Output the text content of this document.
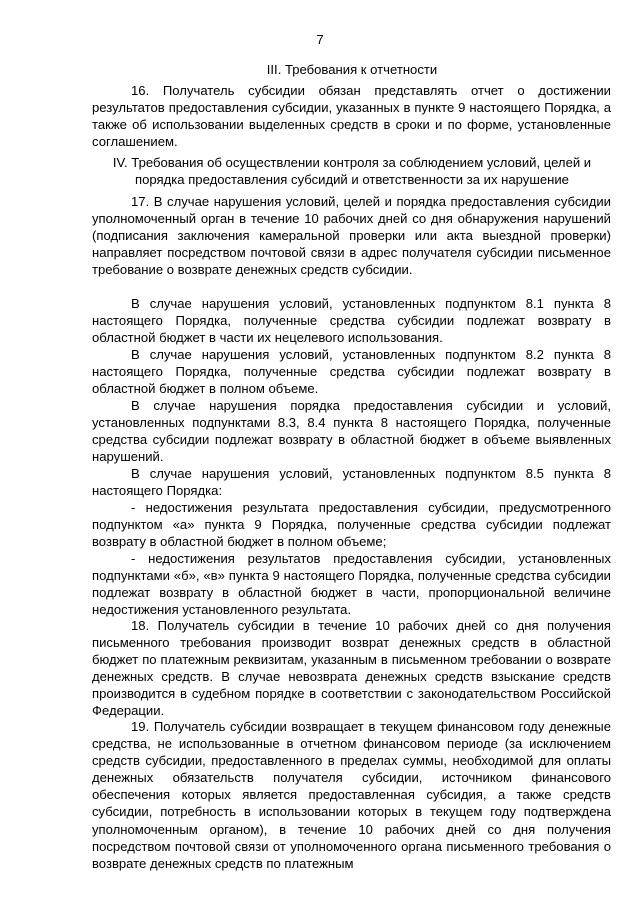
7
III. Требования к отчетности

16. Получатель субсидии обязан представлять отчет о достижении результатов предоставления субсидии, указанных в пункте 9 настоящего Порядка, а также об использовании выделенных средств в сроки и по форме, установленные соглашением.

IV. Требования об осуществлении контроля за соблюдением условий, целей и
порядка предоставления субсидий и ответственности за их нарушение

17. В случае нарушения условий, целей и порядка предоставления субсидии уполномоченный орган в течение 10 рабочих дней со дня обнаружения нарушений (подписания заключения камеральной проверки или акта выездной проверки) направляет посредством почтовой связи в адрес получателя субсидии письменное требование о возврате денежных средств субсидии.

В случае нарушения условий, установленных подпунктом 8.1 пункта 8 настоящего Порядка, полученные средства субсидии подлежат возврату в областной бюджет в части их нецелевого использования.

В случае нарушения условий, установленных подпунктом 8.2 пункта 8 настоящего Порядка, полученные средства субсидии подлежат возврату в областной бюджет в полном объеме.

В случае нарушения порядка предоставления субсидии и условий, установленных подпунктами 8.3, 8.4 пункта 8 настоящего Порядка, полученные средства субсидии подлежат возврату в областной бюджет в объеме выявленных нарушений.

В случае нарушения условий, установленных подпунктом 8.5 пункта 8 настоящего Порядка:

- недостижения результата предоставления субсидии, предусмотренного подпунктом «а» пункта 9 Порядка, полученные средства субсидии подлежат возврату в областной бюджет в полном объеме;

- недостижения результатов предоставления субсидии, установленных подпунктами «б», «в» пункта 9 настоящего Порядка, полученные средства субсидии подлежат возврату в областной бюджет в части, пропорциональной величине недостижения установленного результата.

18. Получатель субсидии в течение 10 рабочих дней со дня получения письменного требования производит возврат денежных средств в областной бюджет по платежным реквизитам, указанным в письменном требовании о возврате денежных средств. В случае невозврата денежных средств взыскание средств производится в судебном порядке в соответствии с законодательством Российской Федерации.

19. Получатель субсидии возвращает в текущем финансовом году денежные средства, не использованные в отчетном финансовом периоде (за исключением средств субсидии, предоставленного в пределах суммы, необходимой для оплаты денежных обязательств получателя субсидии, источником финансового обеспечения которых является предоставленная субсидия, а также средств субсидии, потребность в использовании которых в текущем году подтверждена уполномоченным органом), в течение 10 рабочих дней со дня получения посредством почтовой связи от уполномоченного органа письменного требования о возврате денежных средств по платежным
